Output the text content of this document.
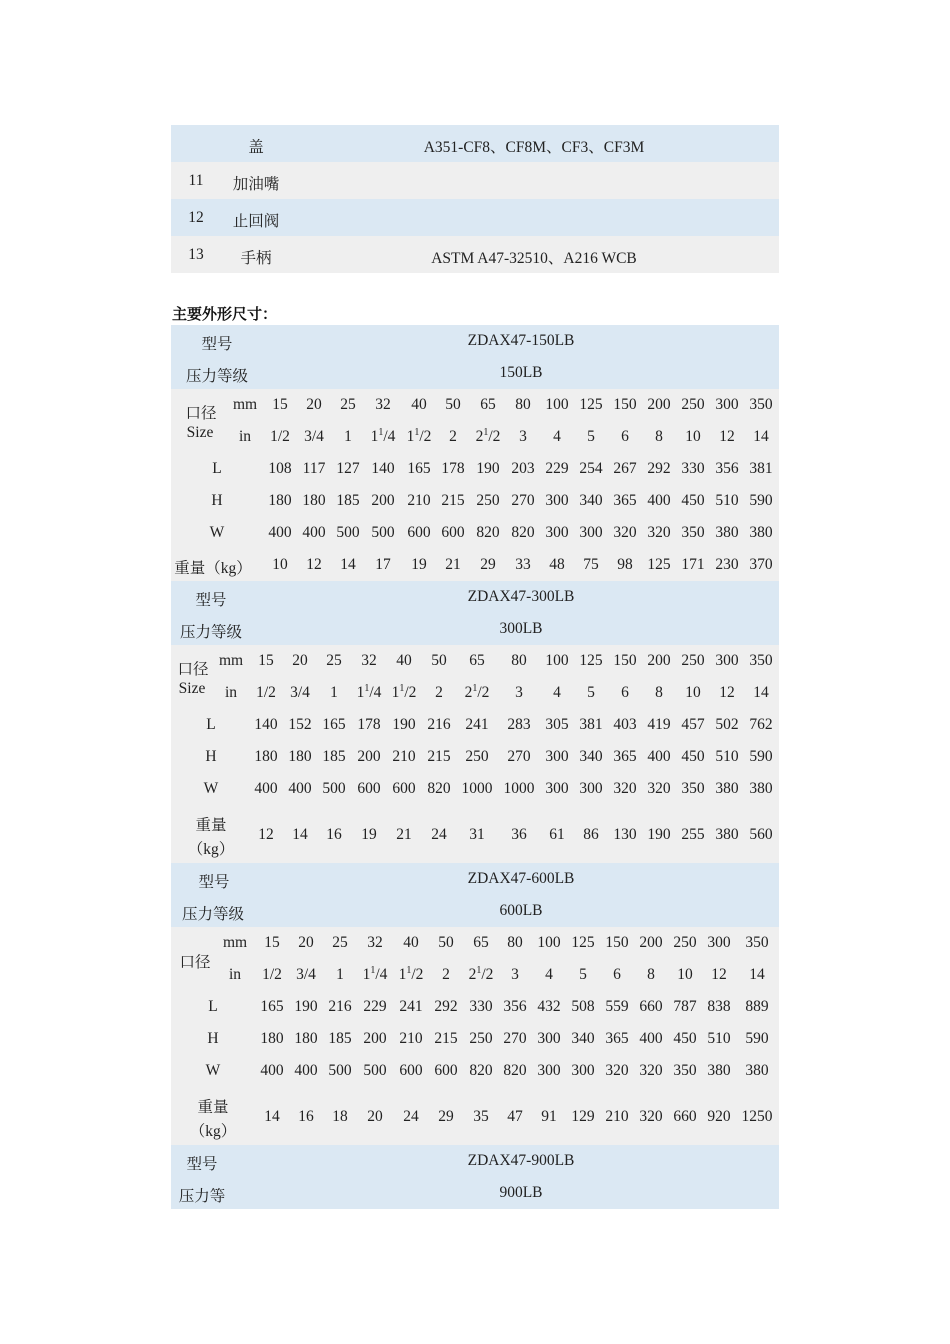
盖	A351-CF8、CF8M、CF3、CF3M
11 加油嘴
12 止回阀
13 手柄	ASTM A47-32510、A216 WCB
主要外形尺寸：
型号	ZDAX47-150LB
压力等级	150LB
口径
Size
mm 15 20 25 32 40 50 65 80 100 125 150 200 250 300 350
in 1/2 3/4 1 $1^1/4$ $1^1/2$ 2 $2^1/2$ 3 4 5 6 8 10 12 14
L	108 117 127 140 165 178 190 203 229 254 267 292 330 356 381
H	180 180 185 200 210 215 250 270 300 340 365 400 450 510 590
W	400 400 500 500 600 600 820 820 300 300 320 320 350 380 380
重量（kg） 10 12 14 17 19 21 29 33 48 75 98 125 171 230 370
型号	ZDAX47-300LB
压力等级	300LB
口径
Size
mm 15 20 25 32 40 50 65 80 100 125 150 200 250 300 350
in 1/2 3/4 1 $1^1/4$ $1^1/2$ 2 $2^1/2$ 3 4 5 6 8 10 12 14
L 140 152 165 178 190 216 241 283 305 381 403 419 457 502 762
H 180 180 185 200 210 215 250 270 300 340 365 400 450 510 590
W 400 400 500 600 600 820 1000 1000 300 300 320 320 350 380 380
重量
（kg）
12 14 16 19 21 24 31 36 61 86 130 190 255 380 560
型号	ZDAX47-600LB
压力等级	600LB
口径
mm 15 20 25 32 40 50 65 80 100 125 150 200 250 300 350
in 1/2 3/4 1 $1^1/4$ $1^1/2$ 2 $2^1/2$ 3 4 5 6 8 10 12 14
L	165 190 216 229 241 292 330 356 432 508 559 660 787 838 889
H	180 180 185 200 210 215 250 270 300 340 365 400 450 510 590
W	400 400 500 500 600 600 820 820 300 300 320 320 350 380 380
重量
（kg）
14 16 18 20 24 29 35 47 91 129 210 320 660 920 1250
型号	ZDAX47-900LB
压力等	900LB
